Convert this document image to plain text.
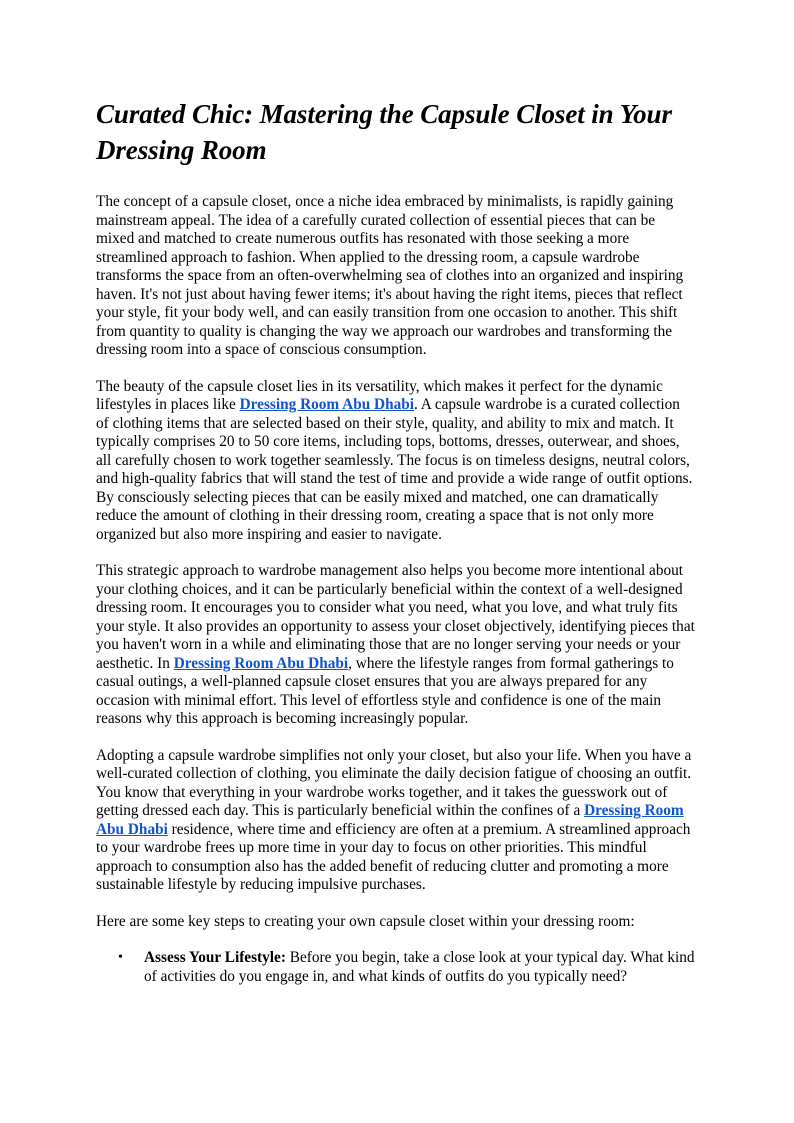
Curated Chic: Mastering the Capsule Closet in Your Dressing Room

The concept of a capsule closet, once a niche idea embraced by minimalists, is rapidly gaining mainstream appeal. The idea of a carefully curated collection of essential pieces that can be mixed and matched to create numerous outfits has resonated with those seeking a more streamlined approach to fashion. When applied to the dressing room, a capsule wardrobe transforms the space from an often-overwhelming sea of clothes into an organized and inspiring haven. It's not just about having fewer items; it's about having the right items, pieces that reflect your style, fit your body well, and can easily transition from one occasion to another. This shift from quantity to quality is changing the way we approach our wardrobes and transforming the dressing room into a space of conscious consumption.

The beauty of the capsule closet lies in its versatility, which makes it perfect for the dynamic lifestyles in places like Dressing Room Abu Dhabi. A capsule wardrobe is a curated collection of clothing items that are selected based on their style, quality, and ability to mix and match. It typically comprises 20 to 50 core items, including tops, bottoms, dresses, outerwear, and shoes, all carefully chosen to work together seamlessly. The focus is on timeless designs, neutral colors, and high-quality fabrics that will stand the test of time and provide a wide range of outfit options. By consciously selecting pieces that can be easily mixed and matched, one can dramatically reduce the amount of clothing in their dressing room, creating a space that is not only more organized but also more inspiring and easier to navigate.

This strategic approach to wardrobe management also helps you become more intentional about your clothing choices, and it can be particularly beneficial within the context of a well-designed dressing room. It encourages you to consider what you need, what you love, and what truly fits your style. It also provides an opportunity to assess your closet objectively, identifying pieces that you haven't worn in a while and eliminating those that are no longer serving your needs or your aesthetic. In Dressing Room Abu Dhabi, where the lifestyle ranges from formal gatherings to casual outings, a well-planned capsule closet ensures that you are always prepared for any occasion with minimal effort. This level of effortless style and confidence is one of the main reasons why this approach is becoming increasingly popular.

Adopting a capsule wardrobe simplifies not only your closet, but also your life. When you have a well-curated collection of clothing, you eliminate the daily decision fatigue of choosing an outfit. You know that everything in your wardrobe works together, and it takes the guesswork out of getting dressed each day. This is particularly beneficial within the confines of a Dressing Room Abu Dhabi residence, where time and efficiency are often at a premium. A streamlined approach to your wardrobe frees up more time in your day to focus on other priorities. This mindful approach to consumption also has the added benefit of reducing clutter and promoting a more sustainable lifestyle by reducing impulsive purchases.

Here are some key steps to creating your own capsule closet within your dressing room:

• Assess Your Lifestyle: Before you begin, take a close look at your typical day. What kind of activities do you engage in, and what kinds of outfits do you typically need?
